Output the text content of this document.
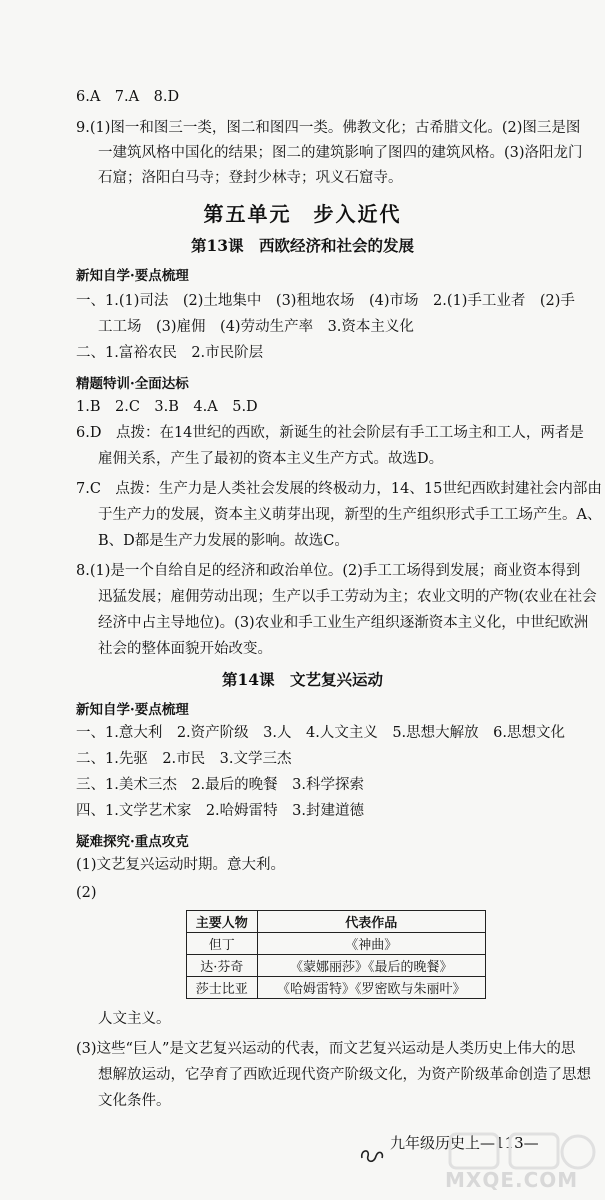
6.A　7.A　8.D
9.(1)图一和图三一类，图二和图四一类。佛教文化；古希腊文化。(2)图三是图
一建筑风格中国化的结果；图二的建筑影响了图四的建筑风格。(3)洛阳龙门
石窟；洛阳白马寺；登封少林寺；巩义石窟寺。
第五单元　步入近代
第13课　西欧经济和社会的发展
新知自学·要点梳理
一、1.(1)司法　(2)土地集中　(3)租地农场　(4)市场　2.(1)手工业者　(2)手
工工场　(3)雇佣　(4)劳动生产率　3.资本主义化
二、1.富裕农民　2.市民阶层
精题特训·全面达标
1.B　2.C　3.B　4.A　5.D
6.D　点拨：在14世纪的西欧，新诞生的社会阶层有手工工场主和工人，两者是
雇佣关系，产生了最初的资本主义生产方式。故选D。
7.C　点拨：生产力是人类社会发展的终极动力，14、15世纪西欧封建社会内部由
于生产力的发展，资本主义萌芽出现，新型的生产组织形式手工工场产生。A、
B、D都是生产力发展的影响。故选C。
8.(1)是一个自给自足的经济和政治单位。(2)手工工场得到发展；商业资本得到
迅猛发展；雇佣劳动出现；生产以手工劳动为主；农业文明的产物(农业在社会
经济中占主导地位)。(3)农业和手工业生产组织逐渐资本主义化，中世纪欧洲
社会的整体面貌开始改变。
第14课　文艺复兴运动
新知自学·要点梳理
一、1.意大利　2.资产阶级　3.人　4.人文主义　5.思想大解放　6.思想文化
二、1.先驱　2.市民　3.文学三杰
三、1.美术三杰　2.最后的晚餐　3.科学探索
四、1.文学艺术家　2.哈姆雷特　3.封建道德
疑难探究·重点攻克
(1)文艺复兴运动时期。意大利。
(2)
主要人物	代表作品
但丁	《神曲》
达·芬奇	《蒙娜丽莎》《最后的晚餐》
莎士比亚	《哈姆雷特》《罗密欧与朱丽叶》
人文主义。
(3)这些“巨人”是文艺复兴运动的代表，而文艺复兴运动是人类历史上伟大的思
想解放运动，它孕育了西欧近现代资产阶级文化，为资产阶级革命创造了思想
文化条件。
九年级历史上—113—
MXQE.COM
